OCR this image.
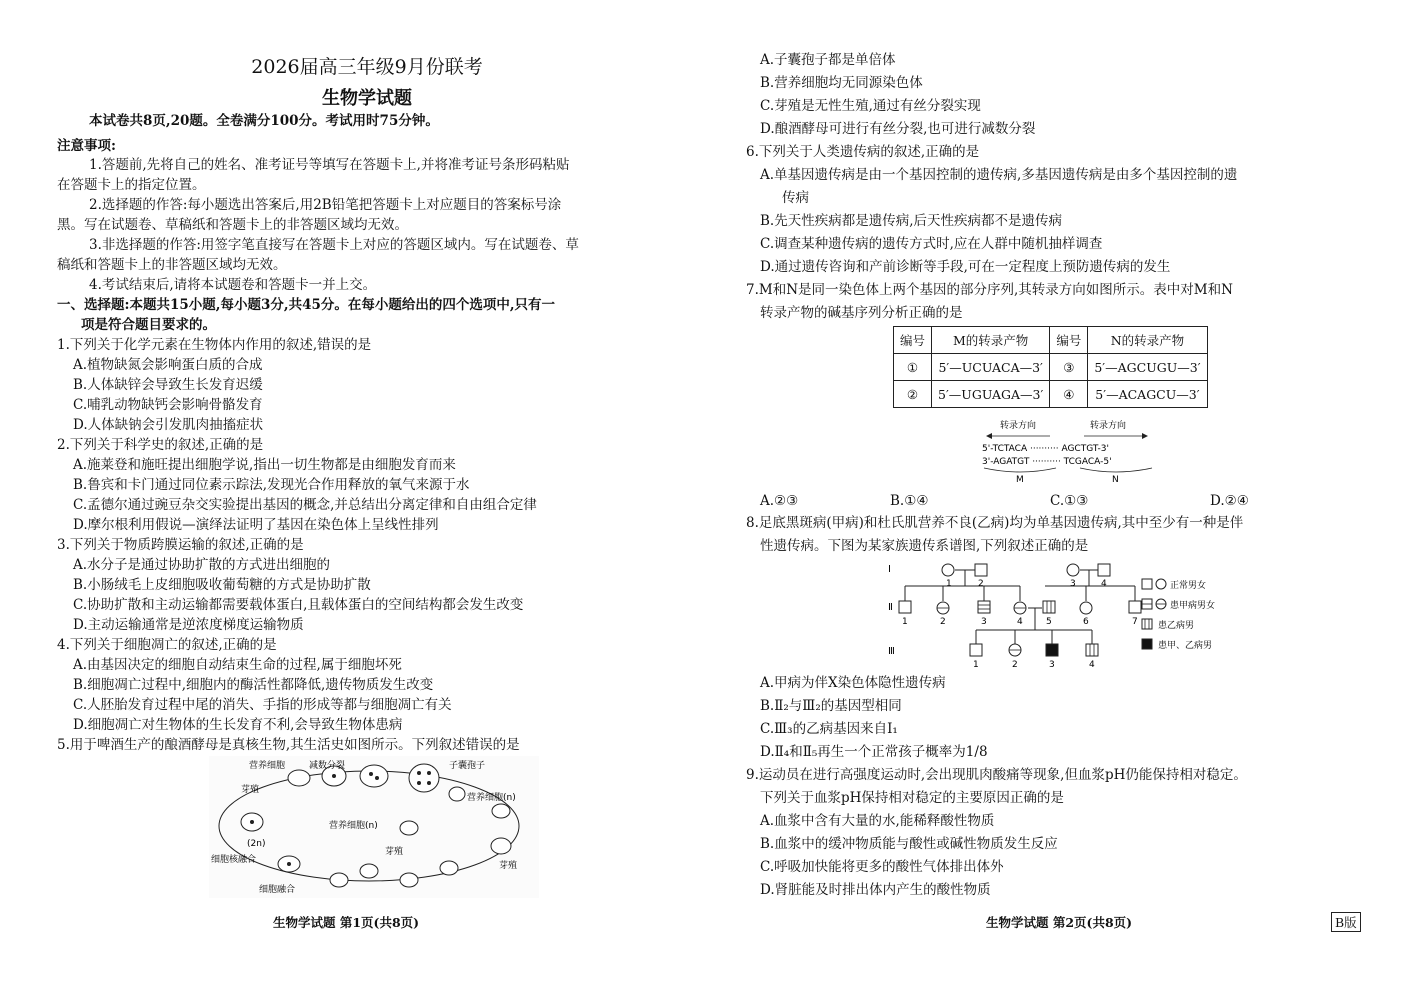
2026届高三年级9月份联考
生物学试题
本试卷共8页,20题。全卷满分100分。考试用时75分钟。
注意事项:
1.答题前,先将自己的姓名、准考证号等填写在答题卡上,并将准考证号条形码粘贴
在答题卡上的指定位置。
2.选择题的作答:每小题选出答案后,用2B铅笔把答题卡上对应题目的答案标号涂
黑。写在试题卷、草稿纸和答题卡上的非答题区域均无效。
3.非选择题的作答:用签字笔直接写在答题卡上对应的答题区域内。写在试题卷、草
稿纸和答题卡上的非答题区域均无效。
4.考试结束后,请将本试题卷和答题卡一并上交。
一、选择题:本题共15小题,每小题3分,共45分。在每小题给出的四个选项中,只有一
项是符合题目要求的。
1.下列关于化学元素在生物体内作用的叙述,错误的是
A.植物缺氮会影响蛋白质的合成
B.人体缺锌会导致生长发育迟缓
C.哺乳动物缺钙会影响骨骼发育
D.人体缺钠会引发肌肉抽搐症状
2.下列关于科学史的叙述,正确的是
A.施莱登和施旺提出细胞学说,指出一切生物都是由细胞发育而来
B.鲁宾和卡门通过同位素示踪法,发现光合作用释放的氧气来源于水
C.孟德尔通过豌豆杂交实验提出基因的概念,并总结出分离定律和自由组合定律
D.摩尔根利用假说—演绎法证明了基因在染色体上呈线性排列
3.下列关于物质跨膜运输的叙述,正确的是
A.水分子是通过协助扩散的方式进出细胞的
B.小肠绒毛上皮细胞吸收葡萄糖的方式是协助扩散
C.协助扩散和主动运输都需要载体蛋白,且载体蛋白的空间结构都会发生改变
D.主动运输通常是逆浓度梯度运输物质
4.下列关于细胞凋亡的叙述,正确的是
A.由基因决定的细胞自动结束生命的过程,属于细胞坏死
B.细胞凋亡过程中,细胞内的酶活性都降低,遗传物质发生改变
C.人胚胎发育过程中尾的消失、手指的形成等都与细胞凋亡有关
D.细胞凋亡对生物体的生长发育不利,会导致生物体患病
5.用于啤酒生产的酿酒酵母是真核生物,其生活史如图所示。下列叙述错误的是
营养细胞	减数分裂	子囊孢子
营养细胞(n)
芽殖
营养细胞(n)
(2n)
芽殖
芽殖
细胞核融合
细胞融合
生物学试题 第1页(共8页)
A.子囊孢子都是单倍体
B.营养细胞均无同源染色体
C.芽殖是无性生殖,通过有丝分裂实现
D.酿酒酵母可进行有丝分裂,也可进行减数分裂
6.下列关于人类遗传病的叙述,正确的是
A.单基因遗传病是由一个基因控制的遗传病,多基因遗传病是由多个基因控制的遗
传病
B.先天性疾病都是遗传病,后天性疾病都不是遗传病
C.调查某种遗传病的遗传方式时,应在人群中随机抽样调查
D.通过遗传咨询和产前诊断等手段,可在一定程度上预防遗传病的发生
7.M和N是同一染色体上两个基因的部分序列,其转录方向如图所示。表中对M和N
转录产物的碱基序列分析正确的是
编号	M的转录产物	编号	N的转录产物
①	5′—UCUACA—3′	③	5′—AGCUGU—3′
②	5′—UGUAGA—3′	④	5′—ACAGCU—3′
转录方向	转录方向
5'-TCTACA ·········· AGCTGT-3'
3'-AGATGT ·········· TCGACA-5'
M	N
A.②③	B.①④	C.①③	D.②④
8.足底黑斑病(甲病)和杜氏肌营养不良(乙病)均为单基因遗传病,其中至少有一种是伴
性遗传病。下图为某家族遗传系谱图,下列叙述正确的是
Ⅰ
Ⅱ
Ⅲ
1	2	3	4
1	2	3	4	5	6	7
1	2	3	4
正常男女
患甲病男女
患乙病男
患甲、乙病男
A.甲病为伴X染色体隐性遗传病
B.Ⅱ₂与Ⅲ₂的基因型相同
C.Ⅲ₃的乙病基因来自Ⅰ₁
D.Ⅱ₄和Ⅱ₅再生一个正常孩子概率为1/8
9.运动员在进行高强度运动时,会出现肌肉酸痛等现象,但血浆pH仍能保持相对稳定。
下列关于血浆pH保持相对稳定的主要原因正确的是
A.血浆中含有大量的水,能稀释酸性物质
B.血浆中的缓冲物质能与酸性或碱性物质发生反应
C.呼吸加快能将更多的酸性气体排出体外
D.肾脏能及时排出体内产生的酸性物质
生物学试题 第2页(共8页)	B版
